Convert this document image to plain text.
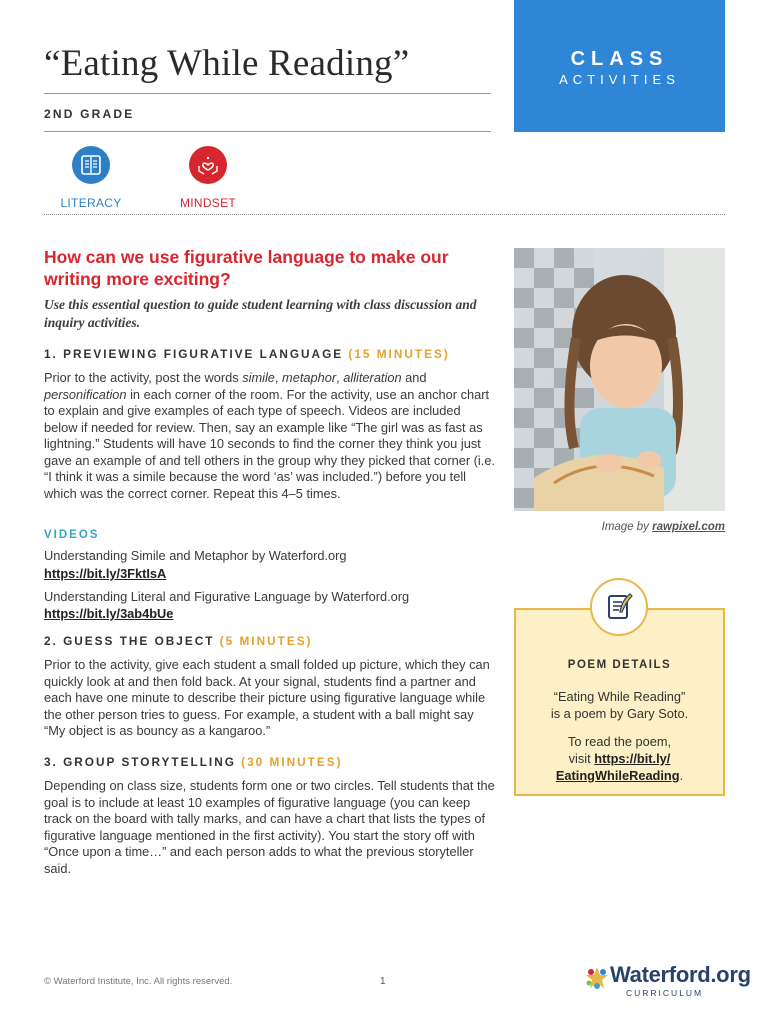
“Eating While Reading”
2ND GRADE
CLASS
ACTIVITIES
LITERACY	MINDSET
How can we use figurative language to make our writing more exciting?
Use this essential question to guide student learning with class discussion and inquiry activities.
1. PREVIEWING FIGURATIVE LANGUAGE (15 MINUTES)
Prior to the activity, post the words simile, metaphor, alliteration and personification in each corner of the room. For the activity, use an anchor chart to explain and give examples of each type of speech. Videos are included below if needed for review. Then, say an example like “The girl was as fast as lightning.” Students will have 10 seconds to find the corner they think you just gave an example of and tell others in the group why they picked that corner (i.e. “I think it was a simile because the word ‘as’ was included.”) before you tell which was the correct corner. Repeat this 4–5 times.
VIDEOS
Understanding Simile and Metaphor by Waterford.org
https://bit.ly/3FktIsA
Understanding Literal and Figurative Language by Waterford.org
https://bit.ly/3ab4bUe
2. GUESS THE OBJECT (5 MINUTES)
Prior to the activity, give each student a small folded up picture, which they can quickly look at and then fold back. At your signal, students find a partner and each have one minute to describe their picture using figurative language while the other person tries to guess. For example, a student with a ball might say “My object is as bouncy as a kangaroo.”
3. GROUP STORYTELLING (30 MINUTES)
Depending on class size, students form one or two circles. Tell students that the goal is to include at least 10 examples of figurative language (you can keep track on the board with tally marks, and can have a chart that lists the types of figurative language mentioned in the first activity). You start the story off with “Once upon a time…” and each person adds to what the previous storyteller said.
Image by rawpixel.com
POEM DETAILS
“Eating While Reading”
is a poem by Gary Soto.
To read the poem,
visit https://bit.ly/
EatingWhileReading.
© Waterford Institute, Inc. All rights reserved.	1	Waterford.org
CURRICULUM
